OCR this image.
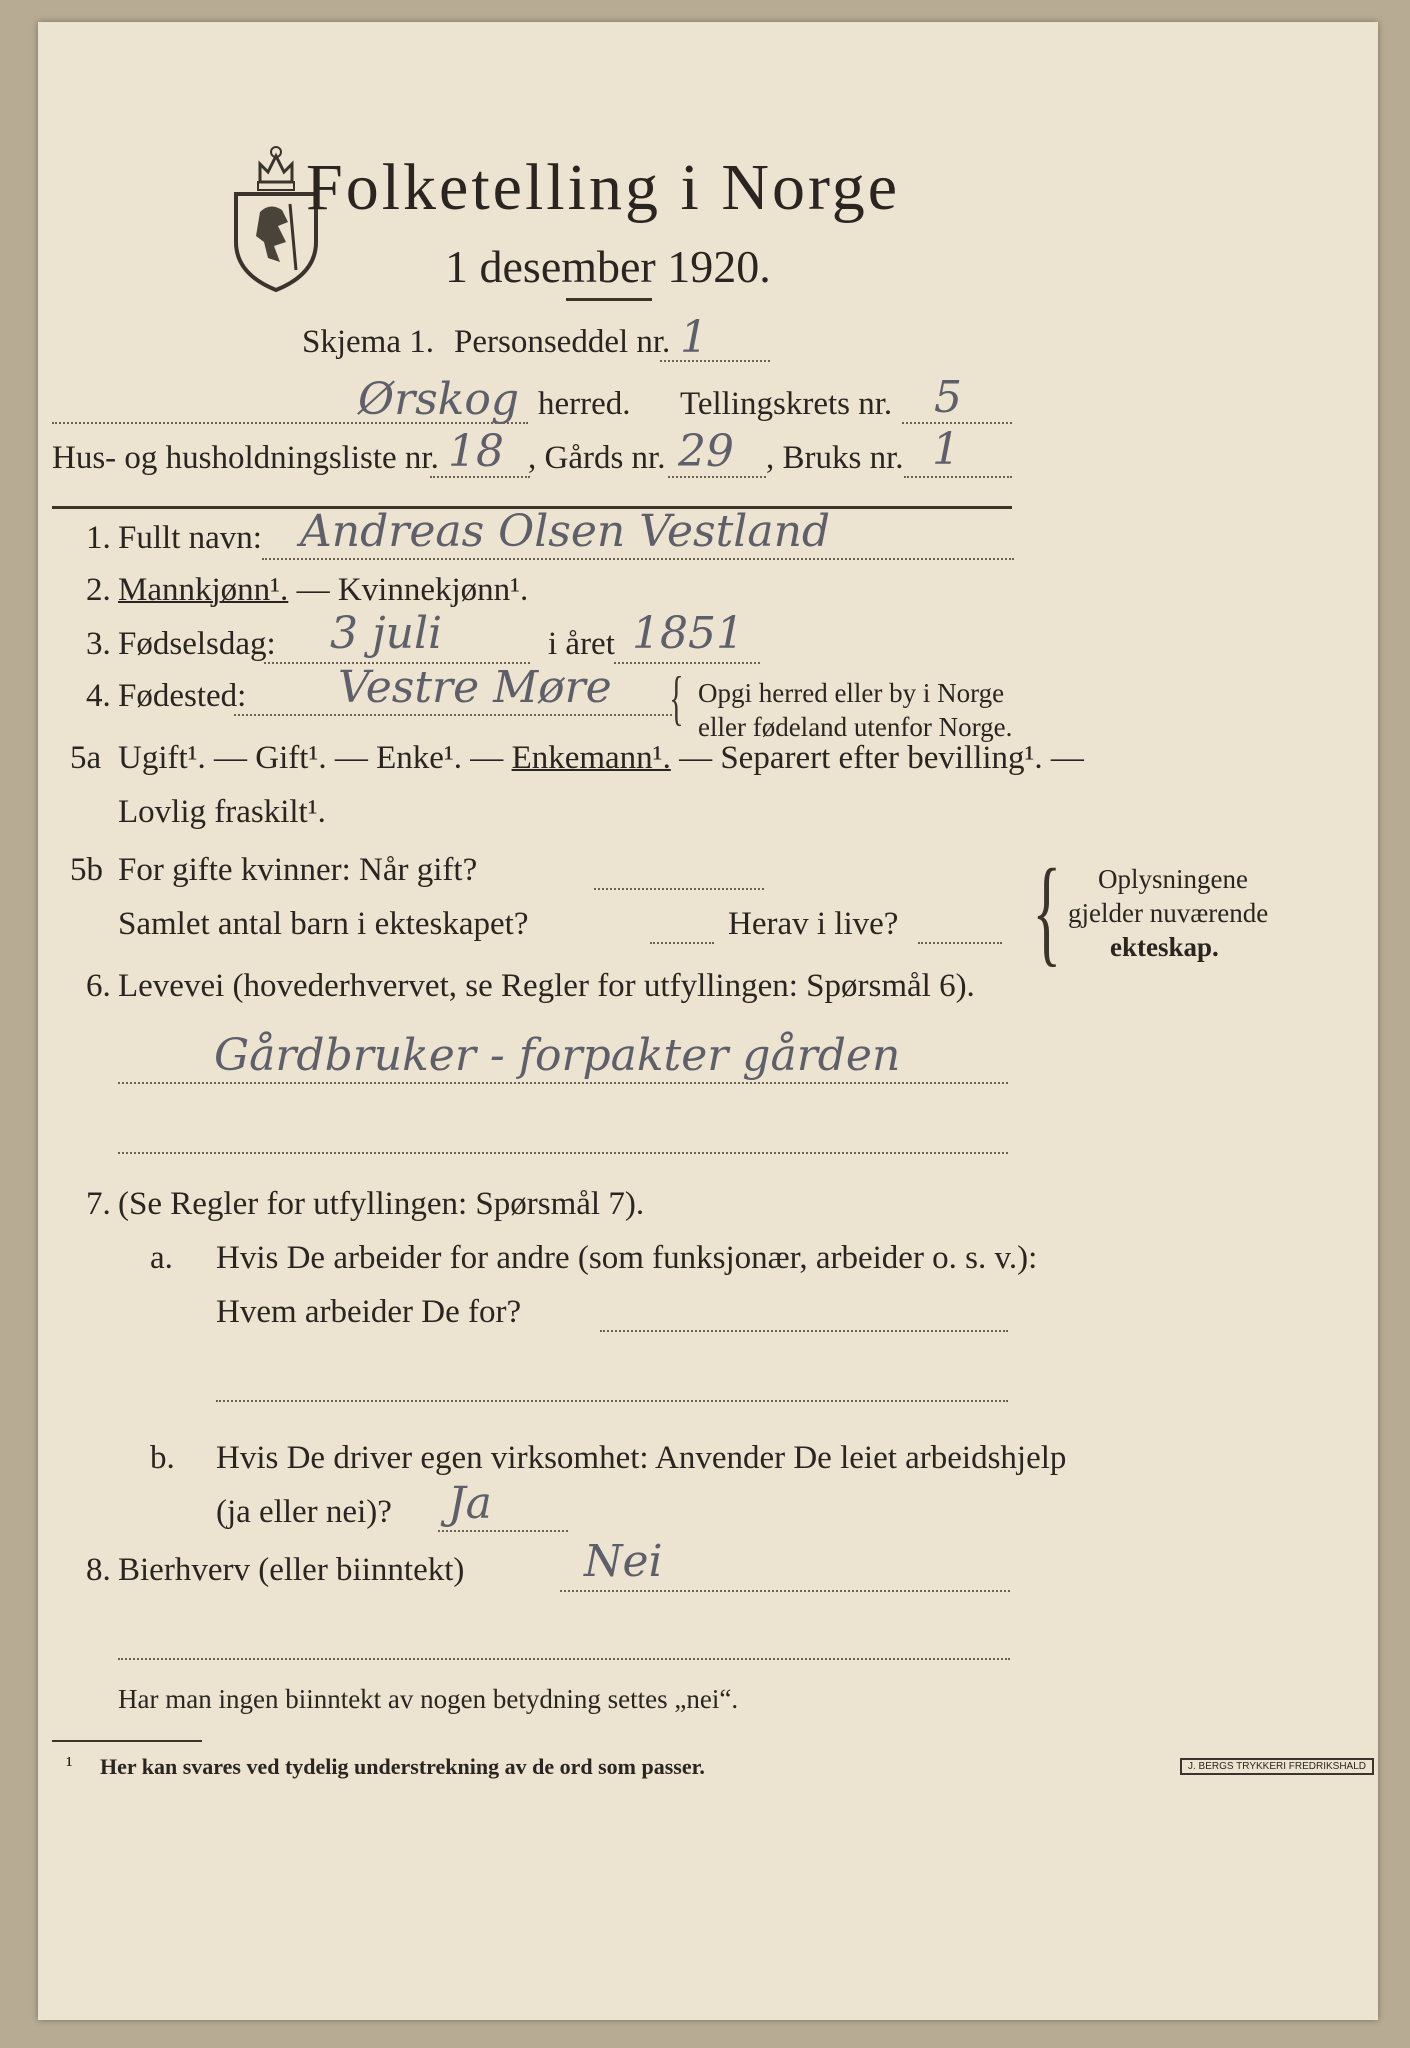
Folketelling i Norge
1 desember 1920.
Skjema 1. Personseddel nr. 1
Ørskog herred. Tellingskrets nr. 5
Hus- og husholdningsliste nr. 18 , Gårds nr. 29 , Bruks nr. 1
1. Fullt navn: Andreas Olsen Vestland
2. Mannkjønn¹. — Kvinnekjønn¹.
3. Fødselsdag: 3 juli	i året 1851
4. Fødested: Vestre Møre { Opgi herred eller by i Norge
eller fødeland utenfor Norge.
5a Ugift¹. — Gift¹. — Enke¹. — Enkemann¹. — Separert efter bevilling¹. —
Lovlig fraskilt¹.
5b For gifte kvinner: Når gift?
Samlet antal barn i ekteskapet?	Herav i live? { Oplysningene
gjelder nuværende
ekteskap.
6. Levevei (hovederhvervet, se Regler for utfyllingen: Spørsmål 6).
Gårdbruker - forpakter gården
7. (Se Regler for utfyllingen: Spørsmål 7).
a. Hvis De arbeider for andre (som funksjonær, arbeider o. s. v.):
Hvem arbeider De for?
b. Hvis De driver egen virksomhet: Anvender De leiet arbeidshjelp
(ja eller nei)? Ja
8. Bierhverv (eller biinntekt)	Nei
Har man ingen biinntekt av nogen betydning settes „nei“.
¹ Her kan svares ved tydelig understrekning av de ord som passer.	J. BERGS TRYKKERI FREDRIKSHALD
